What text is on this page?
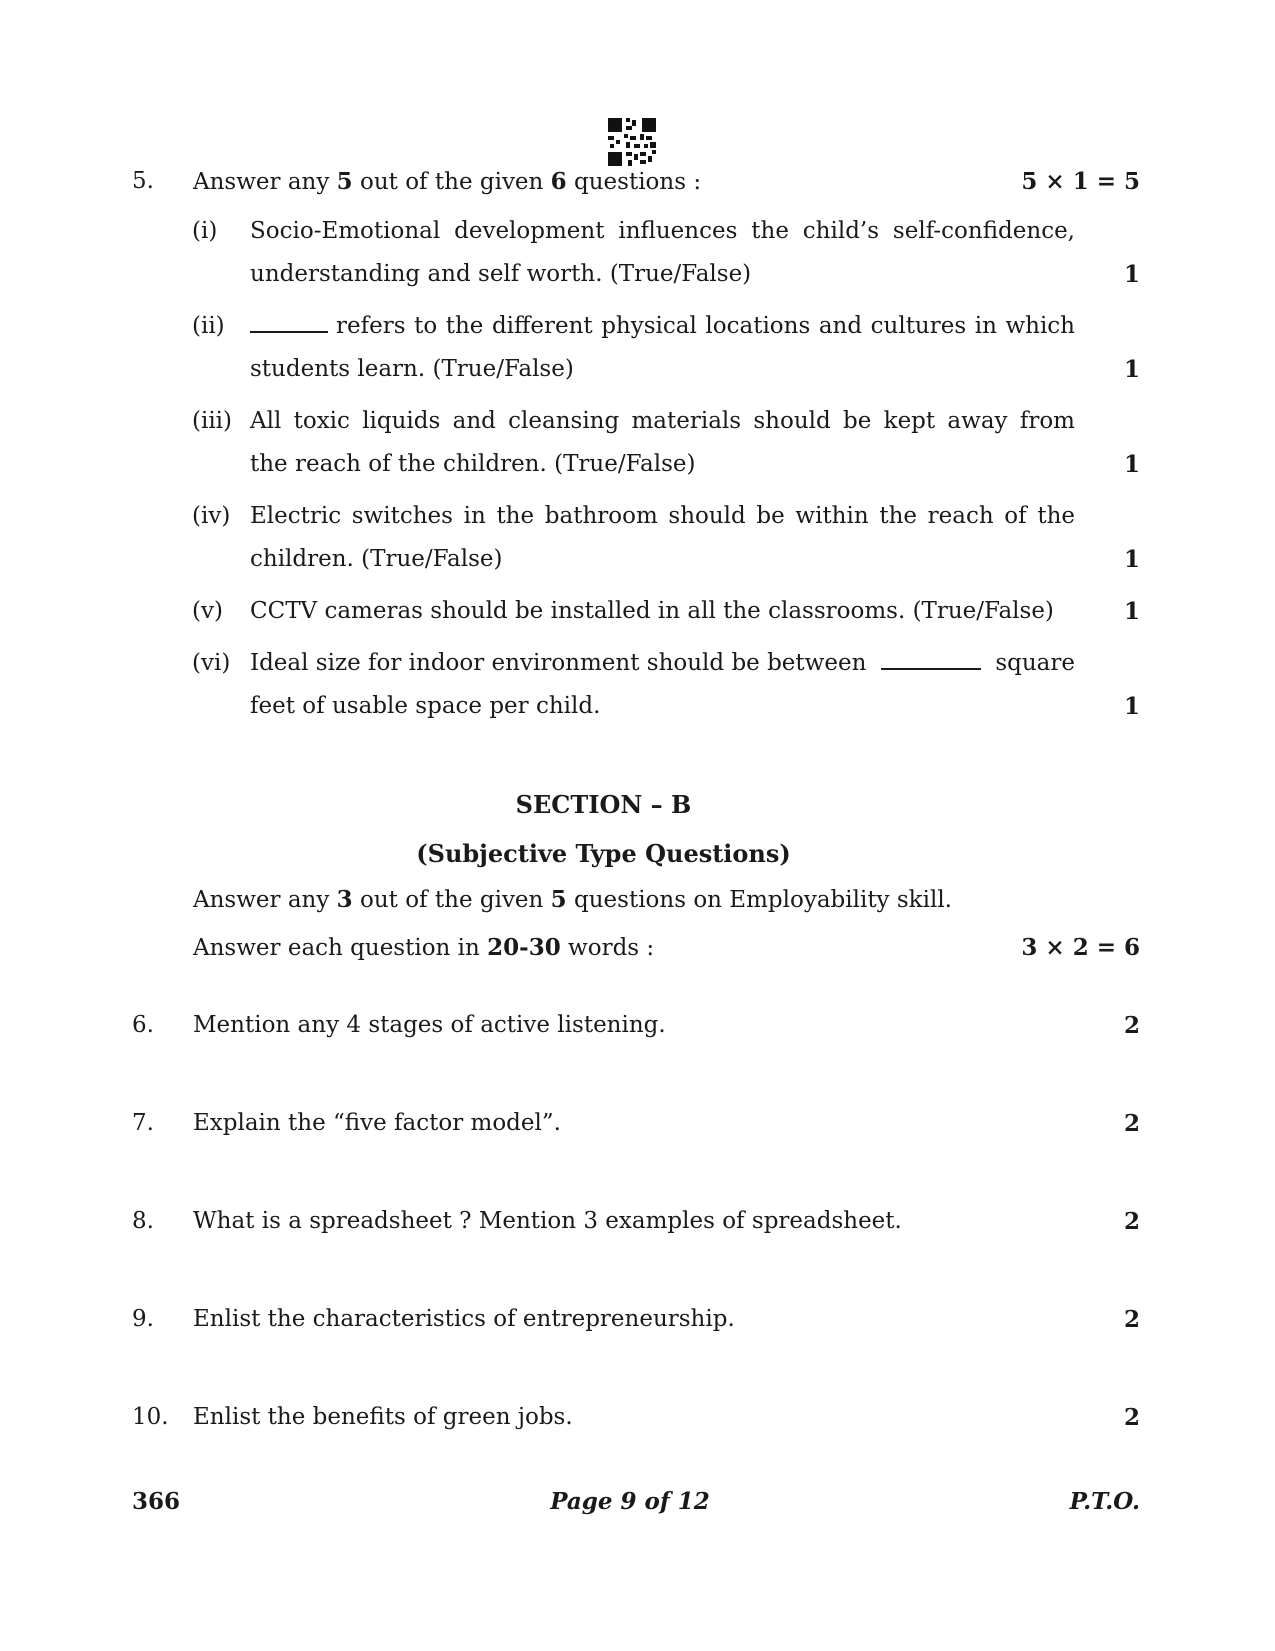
5. Answer any 5 out of the given 6 questions :	5 × 1 = 5
(i) Socio-Emotional development influences the child’s self-confidence,
understanding and self worth. (True/False)	1
(ii)	refers to the different physical locations and cultures in which
students learn. (True/False)	1
(iii) All toxic liquids and cleansing materials should be kept away from
the reach of the children. (True/False)	1
(iv) Electric switches in the bathroom should be within the reach of the
children. (True/False)	1
(v) CCTV cameras should be installed in all the classrooms. (True/False)	1
(vi) Ideal size for indoor environment should be between	square
feet of usable space per child.	1
SECTION – B
(Subjective Type Questions)
Answer any 3 out of the given 5 questions on Employability skill.
Answer each question in 20-30 words :	3 × 2 = 6
6. Mention any 4 stages of active listening.	2
7. Explain the “five factor model”.	2
8. What is a spreadsheet ? Mention 3 examples of spreadsheet.	2
9. Enlist the characteristics of entrepreneurship.	2
10. Enlist the benefits of green jobs.	2
366	Page 9 of 12	P.T.O.
